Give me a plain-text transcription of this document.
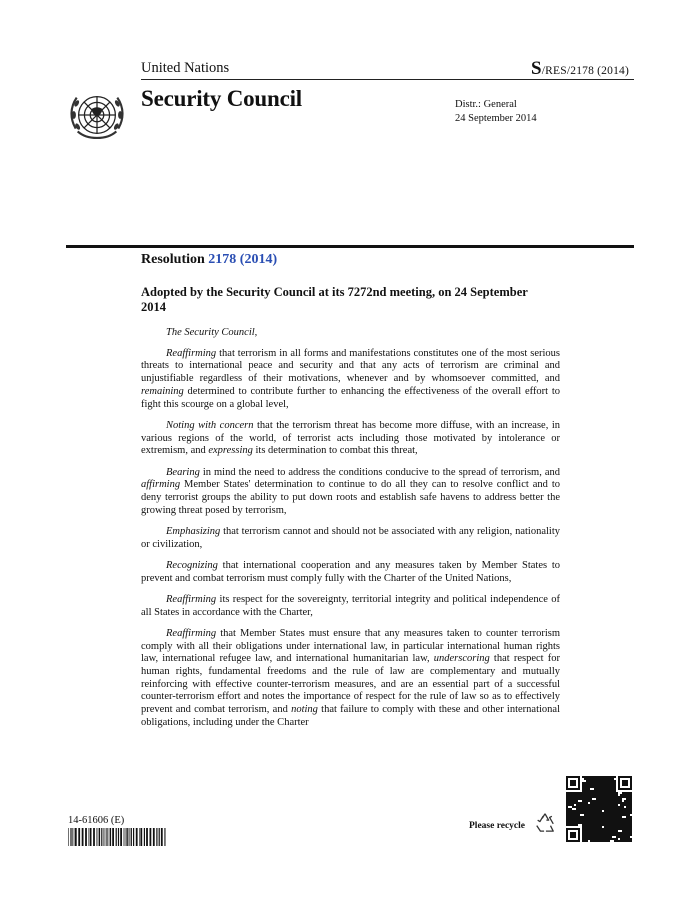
United Nations	S/RES/2178 (2014)
Security Council	Distr.: General
24 September 2014
Resolution 2178 (2014)
Adopted by the Security Council at its 7272nd meeting, on 24 September 2014

The Security Council,

Reaffirming that terrorism in all forms and manifestations constitutes one of the most serious threats to international peace and security and that any acts of terrorism are criminal and unjustifiable regardless of their motivations, whenever and by whomsoever committed, and remaining determined to contribute further to enhancing the effectiveness of the overall effort to fight this scourge on a global level,

Noting with concern that the terrorism threat has become more diffuse, with an increase, in various regions of the world, of terrorist acts including those motivated by intolerance or extremism, and expressing its determination to combat this threat,

Bearing in mind the need to address the conditions conducive to the spread of terrorism, and affirming Member States' determination to continue to do all they can to resolve conflict and to deny terrorist groups the ability to put down roots and establish safe havens to address better the growing threat posed by terrorism,

Emphasizing that terrorism cannot and should not be associated with any religion, nationality or civilization,

Recognizing that international cooperation and any measures taken by Member States to prevent and combat terrorism must comply fully with the Charter of the United Nations,

Reaffirming its respect for the sovereignty, territorial integrity and political independence of all States in accordance with the Charter,

Reaffirming that Member States must ensure that any measures taken to counter terrorism comply with all their obligations under international law, in particular international human rights law, international refugee law, and international humanitarian law, underscoring that respect for human rights, fundamental freedoms and the rule of law are complementary and mutually reinforcing with effective counter-terrorism measures, and are an essential part of a successful counter-terrorism effort and notes the importance of respect for the rule of law so as to effectively prevent and combat terrorism, and noting that failure to comply with these and other international obligations, including under the Charter

14-61606 (E)	Please recycle
